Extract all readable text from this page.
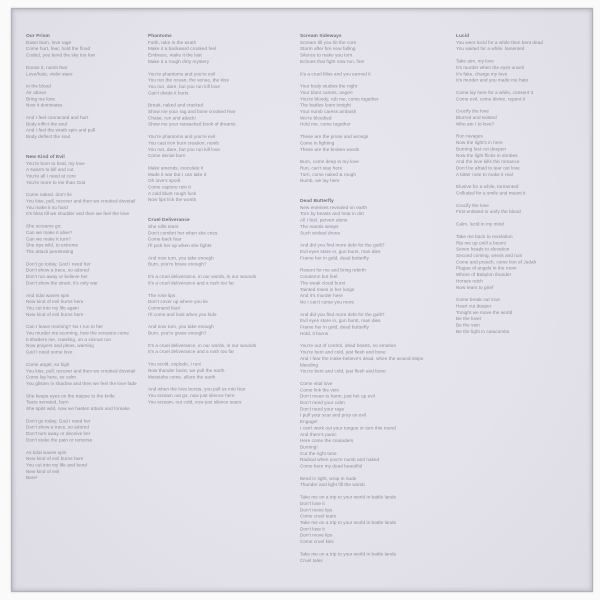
Our Prism
Dawn burn, love rage
Come hurt, fear, hold the flood
Coded, you bend the sky too low
Douse it, numb fear
Love/hate, violet stare
In the blood
Air above
Bring me love
Now it dominates
And I feel connected and hurt
Body inflict the soul
And I feel the wrath spin and pull
Body deflect the soul
New Kind of Evil
You're born to heal, my love
A swarm to kill and cut
You're all I need at core
You're more to me than God
Come naked, don't lie
You kiss, pull, recover and then we crooked dovetail
You make it so hard
It's bliss till we shudder and then we feel the love
She screams go:
Can we make it alive?
Can we make it turn?
She rips wild, to extreme
The attack penetrating
Don't go today, God I need her
Don't show a trace, so adored
Don't run away or believe her
Don't show the strain, it's only war
And tidal waves spin
New kind of evil burns here
You cut into my life again
New kind of evil burns here
Can I leave morning? No I run to her
You murder me scorning, how the screams come
It shatters me, crawling, on a vicious run
Now prayers and pleas, warning
God I need some love
Come angel, so high
You kiss, pull, recover and then we crooked dovetail
Come lay here, so calm
You glisten in shadow and then we feel the love fade
She keeps eyes on the traipse to the knife
Tears serrated, burn
She spits wild, now we hasten attack and forsake
Don't go today, God I need her
Don't show a trace, so adored
Don't turn away or deceive her
Don't stoke the pain or remorse
As tidal waves spin
New kind of evil burns here
You cut into my life and bend
New kind of evil
Bare!
Phantoms
Faith, take in the wrath
Make it a backward crooked feel
Embrace, make it the last
Make it a rough dirty mystery
You're phantoms and you're evil
You run the ocean, the venue, the kiss
You run, dare, but you run kill love
Can't divide it hurts
Break, naked and cracked
Show me your rag and bone crooked fear
Chase, run and attack!
Show me your ransacked book of dreams
You're phantoms and you're evil
You cast iron burn creation, numb
You run, dare, but you run kill love
Come denial burn
Make amends, inoculate it
Made it war but I can take it
Oh love's spoilt
Come capture rein it
A cold blunt rough fuck
Now lips lick the womb
Cruel Deliverance
She rolls tears
Don't comfort her when she cries
Come back fear
I'll pick her up when she fights
And now turn, you take enough
Burn, you're brave enough?
It's a cruel deliverance, in our words, in our wounds
It's a cruel deliverance and a rush too far
The rose lips
Don't cover up where you lie
Command fear!
I'll come and look when you hide
And now turn, you take enough
Burn, you're grave enough?
It's a cruel deliverance, in our words, in our wounds
It's a cruel deliverance and a rush too far
You scold, explode, I run!
Now thunder burst, we pull the earth
Messiahs come, allure the earth
And when the love bursts, you pull us into fear
You scream out go, now just silence here
You scream, out cold, now just silence sears
Scream Sideways
Scream till you hit the core
Storm after fire now falling
Silence to make you torn
Echoes that fight now run, fire!
It's a cruel bliss and you earned it
Your body studies the night
Your blunt caress, anger!
You're bloody, rub me, come together
The battles loom tonight
Your numb caress ambush
We're bloodied
Hold me, come together
These are the prose and wrongs
Come in fighting
These are the broken words
Burn, come deep in my love
Run, can't stay here
Turn, come naked & rough
Numb, we lay here
Dead Butterfly
New enemies revealed on earth
Torn by beasts and heat in dirt
All I feel, pervert alone
The mantis weeps
Such wicked drone
And did you find more debt for the guilt?
Evil eyes stare in, gun burst, man dies
Frame her in gold, dead butterfly
Resent for me and bring rebirth
Condemn but feel
The weak cloud burst
Tainted roses in her lungs
And it's murder here
No I can't curse you more
And did you find more debt for the guilt?
Evil eyes stare in, gun burst, man dies
Frame her in gold, dead butterfly
Hold, it burns
You're out of control, dead hearts, no emotion
You're bent and cold, just flesh and bone
And I fear the make-believe's dead, when the wound stops bleeding
You're bent and cold, just flesh and bone
Come vital love
Come link the vein
Don't mean to harm, just het up evil
Don't need your calm
Don't need your rage
I pull your scar and prey on evil
Engage!
I can't work out your tongue or turn this round
And there's panic
Here come the crusaders
Burning!
Cut the right tone
Radical when you're numb and naked
Come here my dead beautiful
Bend in tight, wrap in nude
Thunder and light fill the womb
Take me on a trip to your world in battle lands
Don't lose it
Don't move lips
Come cruel tears
Take me on a trip to your world in battle lands
Don't lose it
Don't move lips
Come cruel kiss
Take me on a trip to your world in battle lands
Cruel tales
Lucid
You were lucid for a while then bent dead
You waited for a while, lamented
Take aim, my love
It's murder when the eyes unveil
It's fake, charge my love
It's murder and you made me hate
Come lay here for a while, consent it
Come evil, come divine, repent it
Crucify the love
Blurred and twisted
Who am I to love?
Run ravages
Now the light's in here
Burning lust cut deepen
Now the light flicks in strobes
And the love kills the romance
Don't be afraid to tear out love
A bitter note to make it real
Elusive for a while, tormented
Colluded for a smile and meant it
Crucify the love
First enlisted to unify the blood
Calm, lucid in my mind
Take me back to revelation
Rip me up until a boom!
Seven heads to elevation
Second coming, wreck and ruin
Come and preach, come lion of Judah
Plague of angels in the room
Whore of Babylon thunder
Horses retch
Now tears to grief
Come break our love
Heart cut deeper
Tonight we move the world
Be the lover
Be the vein
Be the light in catacombs
